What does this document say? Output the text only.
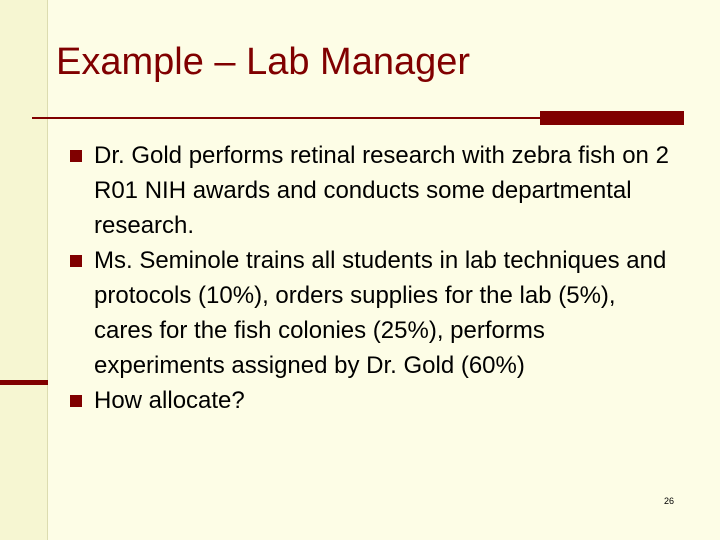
Example – Lab Manager
Dr. Gold performs retinal research with zebra fish on 2 R01 NIH awards and conducts some departmental research.
Ms. Seminole trains all students in lab techniques and protocols (10%), orders supplies for the lab (5%), cares for the fish colonies (25%), performs experiments assigned by Dr. Gold (60%)
How allocate?
26
